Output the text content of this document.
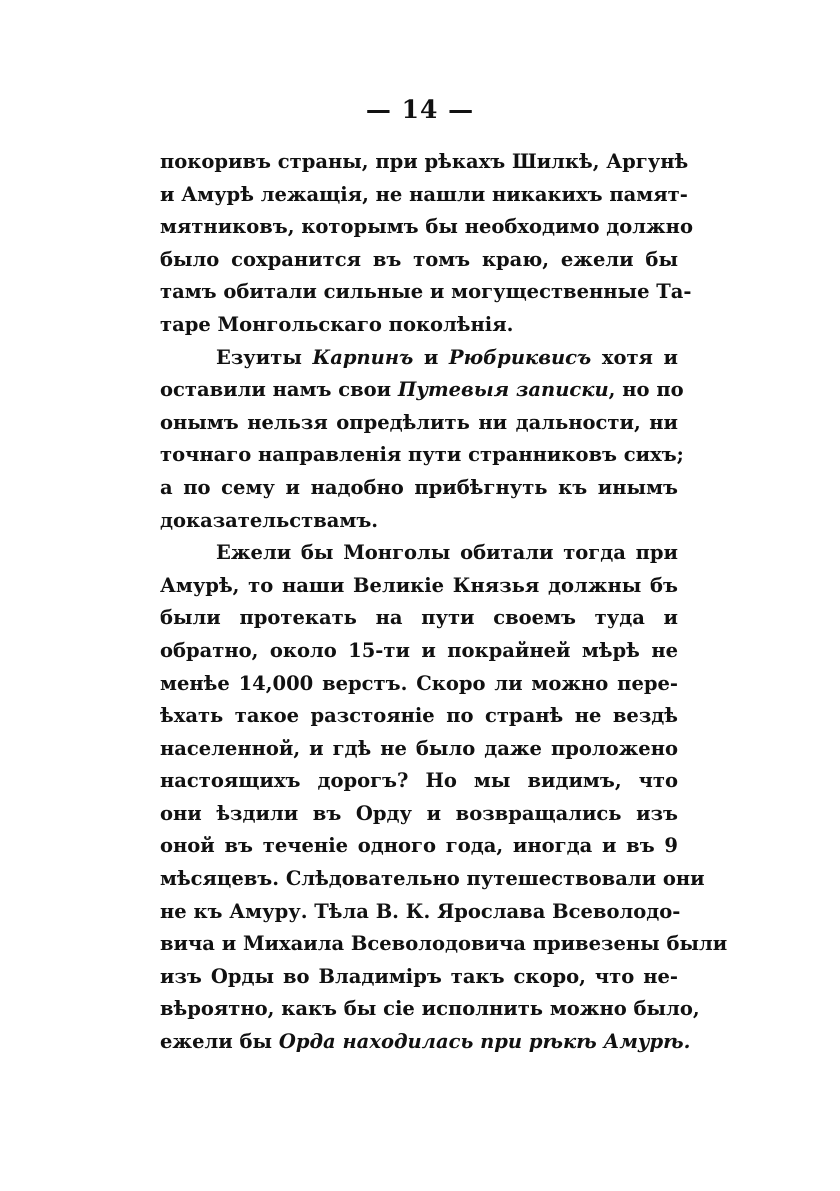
— 14 —
покоривъ страны, при рѣкахъ Шилкѣ, Аргунѣ
и Амурѣ лежащія, не нашли никакихъ памят-
мятниковъ, которымъ бы необходимо должно
было сохранится въ томъ краю, ежели бы
тамъ обитали сильные и могущественные Та-
таре Монгольскаго поколѣнія.
Езуиты Карпинъ и Рюбриквисъ хотя и
оставили намъ свои Путевыя записки, но по
онымъ нельзя опредѣлить ни дальности, ни
точнаго направленія пути странниковъ сихъ;
а по сему и надобно прибѣгнуть къ инымъ
доказательствамъ.
Ежели бы Монголы обитали тогда при
Амурѣ, то наши Великіе Князья должны бъ
были протекать на пути своемъ туда и
обратно, около 15-ти и покрайней мѣрѣ не
менѣе 14,000 верстъ. Скоро ли можно пере-
ѣхать такое разстояніе по странѣ не вездѣ
населенной, и гдѣ не было даже проложено
настоящихъ дорогъ? Но мы видимъ, что
они ѣздили въ Орду и возвращались изъ
оной въ теченіе одного года, иногда и въ 9
мѣсяцевъ. Слѣдовательно путешествовали они
не къ Амуру. Тѣла В. К. Ярослава Всеволодо-
вича и Михаила Всеволодовича привезены были
изъ Орды во Владиміръ такъ скоро, что не-
вѣроятно, какъ бы сіе исполнить можно было,
ежели бы Орда находилась при рѣкѣ Амурѣ.
